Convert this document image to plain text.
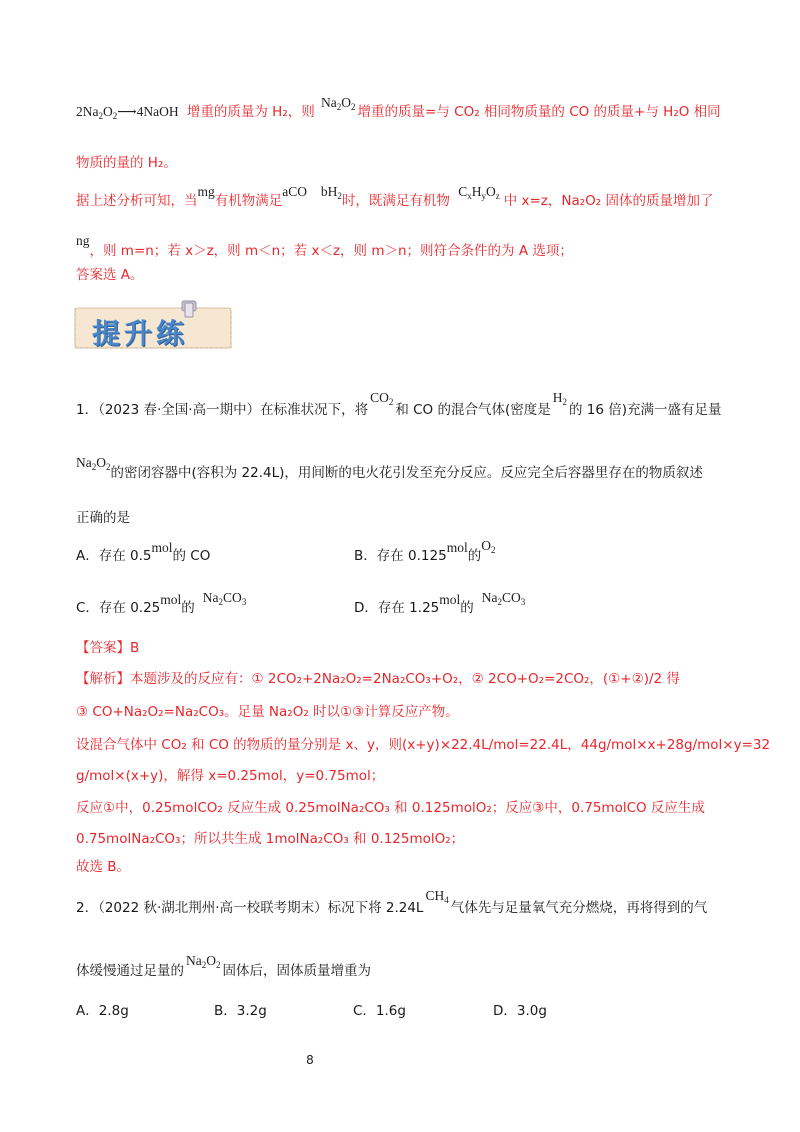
$2Na_2O_2⟶4NaOH$ 增重的质量为 H₂，则 $Na_2O_2$ 增重的质量=与 CO₂ 相同物质量的 CO 的质量+与 H₂O 相同
物质的量的 H₂。
据上述分析可知，当mg有机物满足aCO $⃞bH_2$时，既满足有机物 $C_xH_yO_z$ 中 x=z，Na₂O₂ 固体的质量增加了
ng，则 m=n；若 x＞z，则 m＜n；若 x＜z，则 m＞n；则符合条件的为 A 选项；
答案选 A。
提升练
1．（2023 春·全国·高一期中）在标准状况下，将$CO_2$ 和 CO 的混合气体(密度是$H_2$ 的 16 倍)充满一盛有足量
$Na_2O_2$的密闭容器中(容积为 22.4L)，用间断的电火花引发至充分反应。反应完全后容器里存在的物质叙述
正确的是
A．存在 0.5mol的 CO	B．存在 0.125mol的$O_2$
C．存在 0.25mol的$Na_2CO_3$	D．存在 1.25mol的$Na_2CO_3$
【答案】B
【解析】本题涉及的反应有：① 2CO₂+2Na₂O₂=2Na₂CO₃+O₂，② 2CO+O₂=2CO₂，(①+②)/2 得
③ CO+Na₂O₂=Na₂CO₃。足量 Na₂O₂ 时以①③计算反应产物。
设混合气体中 CO₂ 和 CO 的物质的量分别是 x、y，则(x+y)×22.4L/mol=22.4L，44g/mol×x+28g/mol×y=32
g/mol×(x+y)，解得 x=0.25mol，y=0.75mol；
反应①中，0.25molCO₂ 反应生成 0.25molNa₂CO₃ 和 0.125molO₂；反应③中，0.75molCO 反应生成
0.75molNa₂CO₃；所以共生成 1molNa₂CO₃ 和 0.125molO₂；
故选 B。
2．（2022 秋·湖北荆州·高一校联考期末）标况下将 $2.24LCH_4$ 气体先与足量氧气充分燃烧，再将得到的气
体缓慢通过足量的$Na_2O_2$ 固体后，固体质量增重为
A．2.8g	B．3.2g	C．1.6g	D．3.0g
8
